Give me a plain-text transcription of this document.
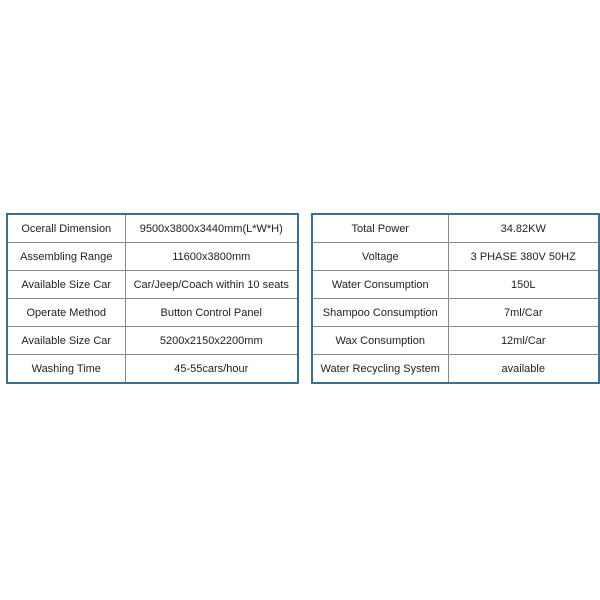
Ocerall Dimension	9500x3800x3440mm(L*W*H)
Assembling Range	11600x3800mm
Available Size Car	Car/Jeep/Coach within 10 seats
Operate Method	Button Control Panel
Available Size Car	5200x2150x2200mm
Washing Time	45-55cars/hour
Total Power	34.82KW
Voltage	3 PHASE 380V 50HZ
Water Consumption	150L
Shampoo Consumption	7ml/Car
Wax Consumption	12ml/Car
Water Recycling System	available
